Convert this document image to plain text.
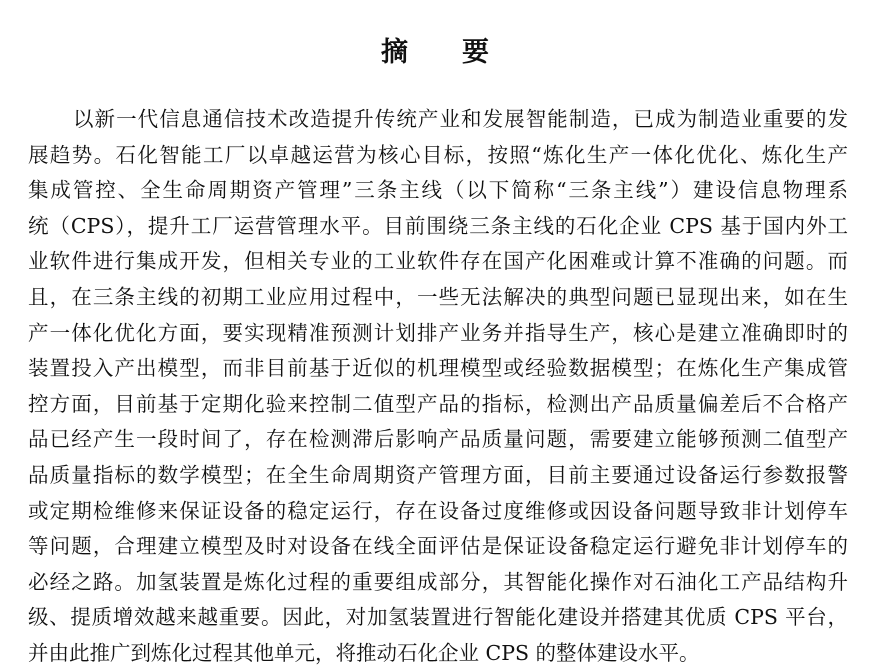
摘 要
以新一代信息通信技术改造提升传统产业和发展智能制造，已成为制造业重要的发
展趋势。石化智能工厂以卓越运营为核心目标，按照“炼化生产一体化优化、炼化生产
集成管控、全生命周期资产管理”三条主线（以下简称“三条主线”）建设信息物理系
统（CPS），提升工厂运营管理水平。目前围绕三条主线的石化企业 CPS 基于国内外工
业软件进行集成开发，但相关专业的工业软件存在国产化困难或计算不准确的问题。而
且，在三条主线的初期工业应用过程中，一些无法解决的典型问题已显现出来，如在生
产一体化优化方面，要实现精准预测计划排产业务并指导生产，核心是建立准确即时的
装置投入产出模型，而非目前基于近似的机理模型或经验数据模型；在炼化生产集成管
控方面，目前基于定期化验来控制二值型产品的指标，检测出产品质量偏差后不合格产
品已经产生一段时间了，存在检测滞后影响产品质量问题，需要建立能够预测二值型产
品质量指标的数学模型；在全生命周期资产管理方面，目前主要通过设备运行参数报警
或定期检维修来保证设备的稳定运行，存在设备过度维修或因设备问题导致非计划停车
等问题，合理建立模型及时对设备在线全面评估是保证设备稳定运行避免非计划停车的
必经之路。加氢装置是炼化过程的重要组成部分，其智能化操作对石油化工产品结构升
级、提质增效越来越重要。因此，对加氢装置进行智能化建设并搭建其优质 CPS 平台，
并由此推广到炼化过程其他单元，将推动石化企业 CPS 的整体建设水平。
